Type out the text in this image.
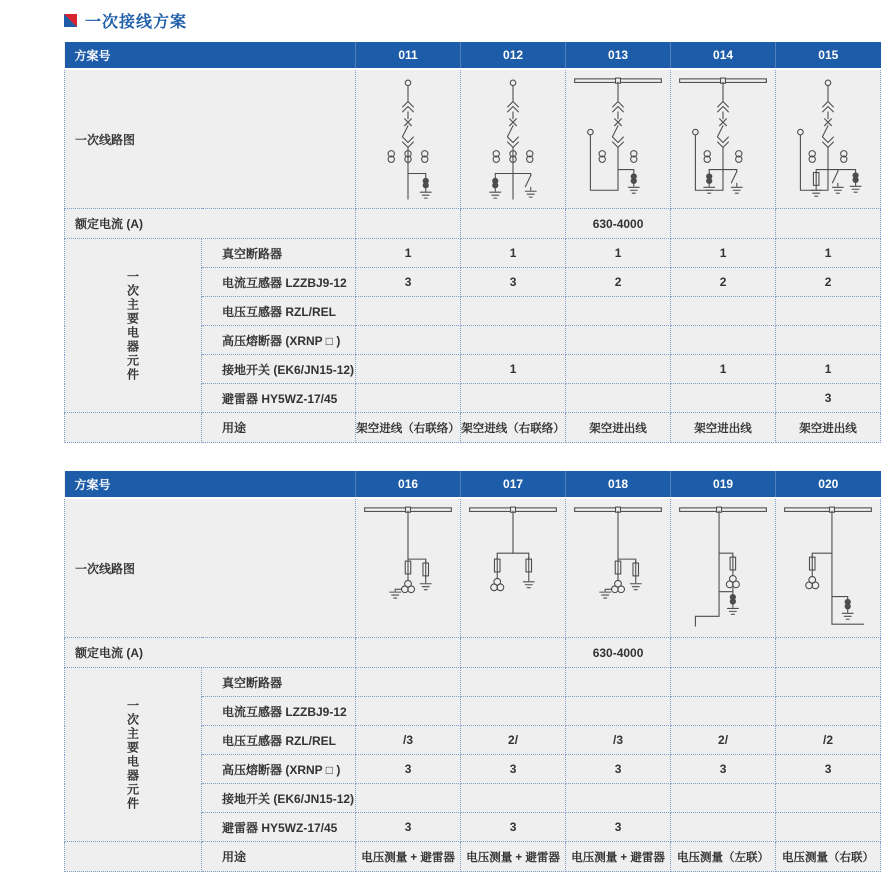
一次接线方案
方案号		011	012	013	014	015
一次线路图	

额定电流 (A)				630-4000		
一次主要电器元件	真空断路器	1	1	1	1	1
	电流互感器 LZZBJ9-12	3	3	2	2	2
	电压互感器 RZL/REL					
	高压熔断器 (XRNP □ )					
	接地开关 (EK6/JN15-12)		1		1	1
	避雷器 HY5WZ-17/45					3
	用途	架空进线（右联络）	架空进线（右联络）	架空进出线	架空进出线	架空进出线
方案号		016	017	018	019	020
一次线路图	

额定电流 (A)				630-4000		
一次主要电器元件	真空断路器					
	电流互感器 LZZBJ9-12					
	电压互感器 RZL/REL	/3	2/	/3	2/	/2
	高压熔断器 (XRNP □ )	3	3	3	3	3
	接地开关 (EK6/JN15-12)					
	避雷器 HY5WZ-17/45	3	3	3		
	用途	电压测量 + 避雷器	电压测量 + 避雷器	电压测量 + 避雷器	电压测量（左联）	电压测量（右联）
